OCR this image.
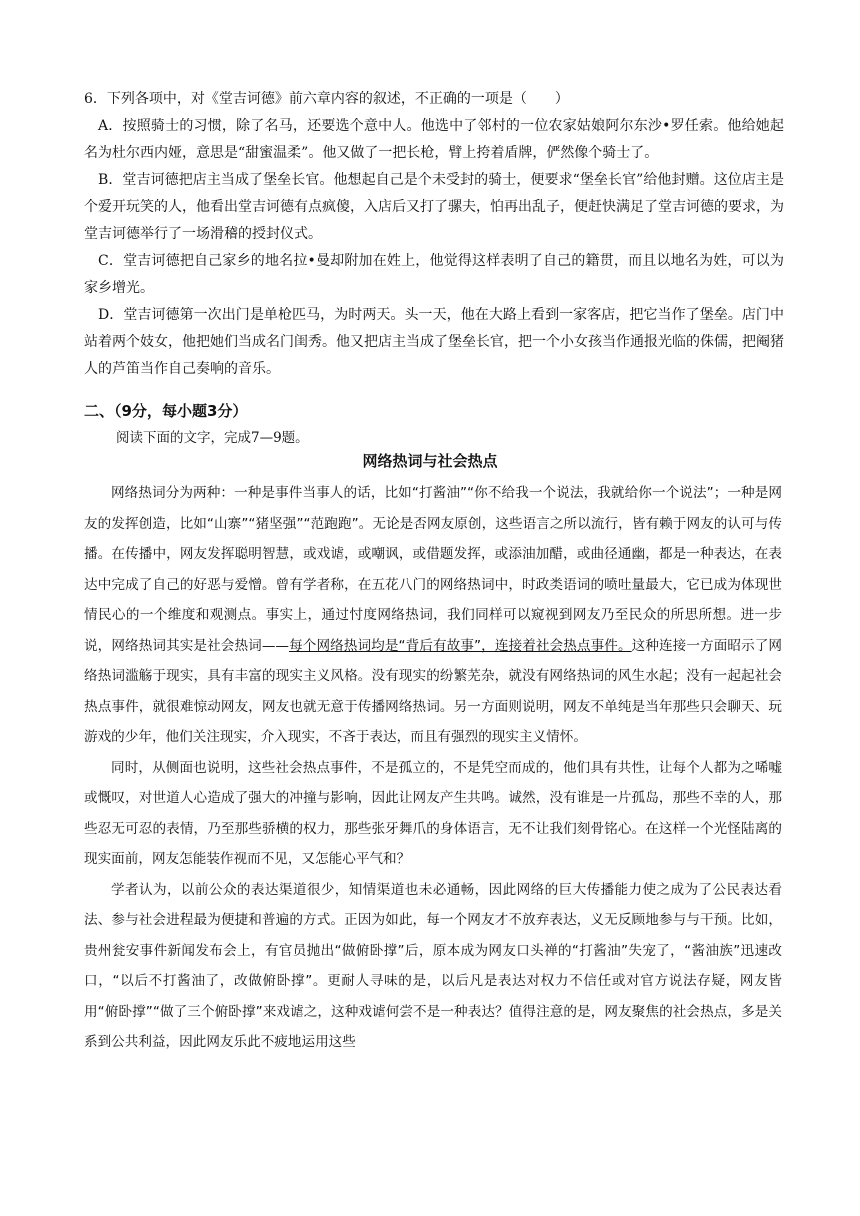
6．下列各项中，对《堂吉诃德》前六章内容的叙述，不正确的一项是（　　）

A．按照骑士的习惯，除了名马，还要选个意中人。他选中了邻村的一位农家姑娘阿尔东沙•罗任索。他给她起名为杜尔西内娅，意思是“甜蜜温柔”。他又做了一把长枪，臂上挎着盾牌，俨然像个骑士了。

B．堂吉诃德把店主当成了堡垒长官。他想起自己是个未受封的骑士，便要求“堡垒长官”给他封赠。这位店主是个爱开玩笑的人，他看出堂吉诃德有点疯傻，入店后又打了骡夫，怕再出乱子，便赶快满足了堂吉诃德的要求，为堂吉诃德举行了一场滑稽的授封仪式。

C．堂吉诃德把自己家乡的地名拉•曼却附加在姓上，他觉得这样表明了自己的籍贯，而且以地名为姓，可以为家乡增光。

D．堂吉诃德第一次出门是单枪匹马，为时两天。头一天，他在大路上看到一家客店，把它当作了堡垒。店门中站着两个妓女，他把她们当成名门闺秀。他又把店主当成了堡垒长官，把一个小女孩当作通报光临的侏儒，把阉猪人的芦笛当作自己奏响的音乐。

二、（9分，每小题3分）
阅读下面的文字，完成7—9题。
网络热词与社会热点

网络热词分为两种：一种是事件当事人的话，比如“打酱油”“你不给我一个说法，我就给你一个说法”；一种是网友的发挥创造，比如“山寨”“猪坚强”“范跑跑”。无论是否网友原创，这些语言之所以流行，皆有赖于网友的认可与传播。在传播中，网友发挥聪明智慧，或戏谑，或嘲讽，或借题发挥，或添油加醋，或曲径通幽，都是一种表达，在表达中完成了自己的好恶与爱憎。曾有学者称，在五花八门的网络热词中，时政类语词的喷吐量最大，它已成为体现世情民心的一个维度和观测点。事实上，通过忖度网络热词，我们同样可以窥视到网友乃至民众的所思所想。进一步说，网络热词其实是社会热词——每个网络热词均是“背后有故事”，连接着社会热点事件。这种连接一方面昭示了网络热词滥觞于现实，具有丰富的现实主义风格。没有现实的纷繁芜杂，就没有网络热词的风生水起；没有一起起社会热点事件，就很难惊动网友，网友也就无意于传播网络热词。另一方面则说明，网友不单纯是当年那些只会聊天、玩游戏的少年，他们关注现实，介入现实，不吝于表达，而且有强烈的现实主义情怀。

同时，从侧面也说明，这些社会热点事件，不是孤立的，不是凭空而成的，他们具有共性，让每个人都为之唏嘘或慨叹，对世道人心造成了强大的冲撞与影响，因此让网友产生共鸣。诚然，没有谁是一片孤岛，那些不幸的人，那些忍无可忍的表情，乃至那些骄横的权力，那些张牙舞爪的身体语言，无不让我们刻骨铭心。在这样一个光怪陆离的现实面前，网友怎能装作视而不见，又怎能心平气和？

学者认为，以前公众的表达渠道很少，知情渠道也未必通畅，因此网络的巨大传播能力使之成为了公民表达看法、参与社会进程最为便捷和普遍的方式。正因为如此，每一个网友才不放弃表达，义无反顾地参与与干预。比如，贵州瓮安事件新闻发布会上，有官员抛出“做俯卧撑”后，原本成为网友口头禅的“打酱油”失宠了，“酱油族”迅速改口，“以后不打酱油了，改做俯卧撑”。更耐人寻味的是，以后凡是表达对权力不信任或对官方说法存疑，网友皆用“俯卧撑”“做了三个俯卧撑”来戏谑之，这种戏谑何尝不是一种表达？值得注意的是，网友聚焦的社会热点，多是关系到公共利益，因此网友乐此不疲地运用这些
